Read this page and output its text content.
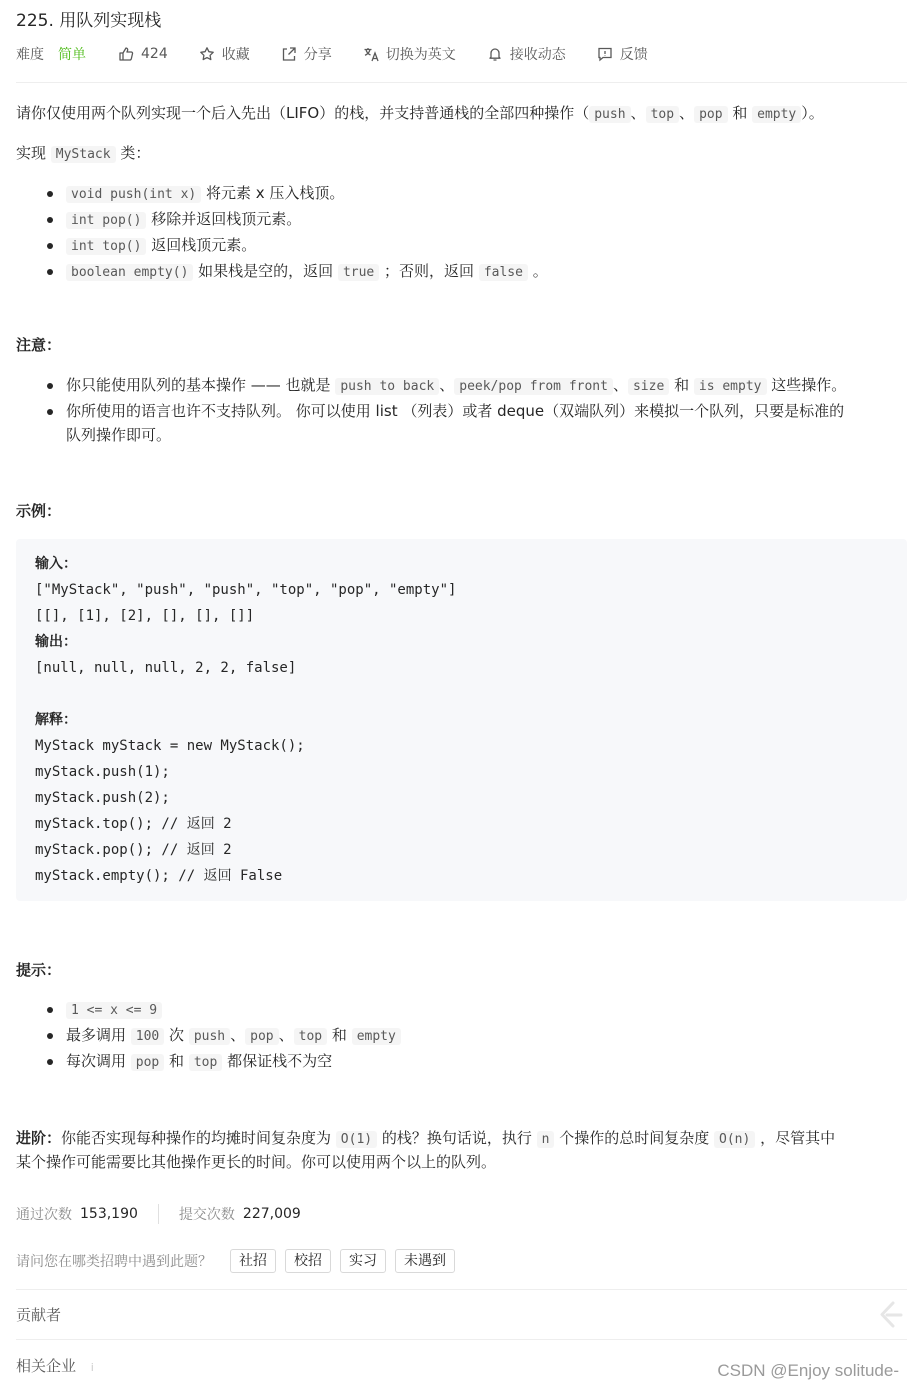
225. 用队列实现栈
难度 简单	424	收藏	分享	切换为英文	接收动态	反馈
请你仅使用两个队列实现一个后入先出（LIFO）的栈，并支持普通栈的全部四种操作（ push 、 top 、 pop 和 empty ）。
实现 MyStack 类：
void push(int x) 将元素 x 压入栈顶。
int pop() 移除并返回栈顶元素。
int top() 返回栈顶元素。
boolean empty() 如果栈是空的，返回 true ；否则，返回 false 。
注意：
你只能使用队列的基本操作 —— 也就是 push to back 、 peek/pop from front 、 size 和 is empty 这些操作。
你所使用的语言也许不支持队列。 你可以使用 list （列表）或者 deque（双端队列）来模拟一个队列，只要是标准的
队列操作即可。
示例：
输入：
["MyStack", "push", "push", "top", "pop", "empty"]
[[], [1], [2], [], [], []]
输出：
[null, null, null, 2, 2, false]
解释：
MyStack myStack = new MyStack();
myStack.push(1);
myStack.push(2);
myStack.top(); // 返回 2
myStack.pop(); // 返回 2
myStack.empty(); // 返回 False
提示：
1 <= x <= 9
最多调用 100 次 push 、 pop 、 top 和 empty
每次调用 pop 和 top 都保证栈不为空
进阶：你能否实现每种操作的均摊时间复杂度为 O(1) 的栈？换句话说，执行 n 个操作的总时间复杂度 O(n) ，尽管其中
某个操作可能需要比其他操作更长的时间。你可以使用两个以上的队列。
通过次数 153,190	提交次数 227,009
请问您在哪类招聘中遇到此题？	社招	校招	实习	未遇到
贡献者
相关企业 ⅰ	CSDN @Enjoy solitude-
